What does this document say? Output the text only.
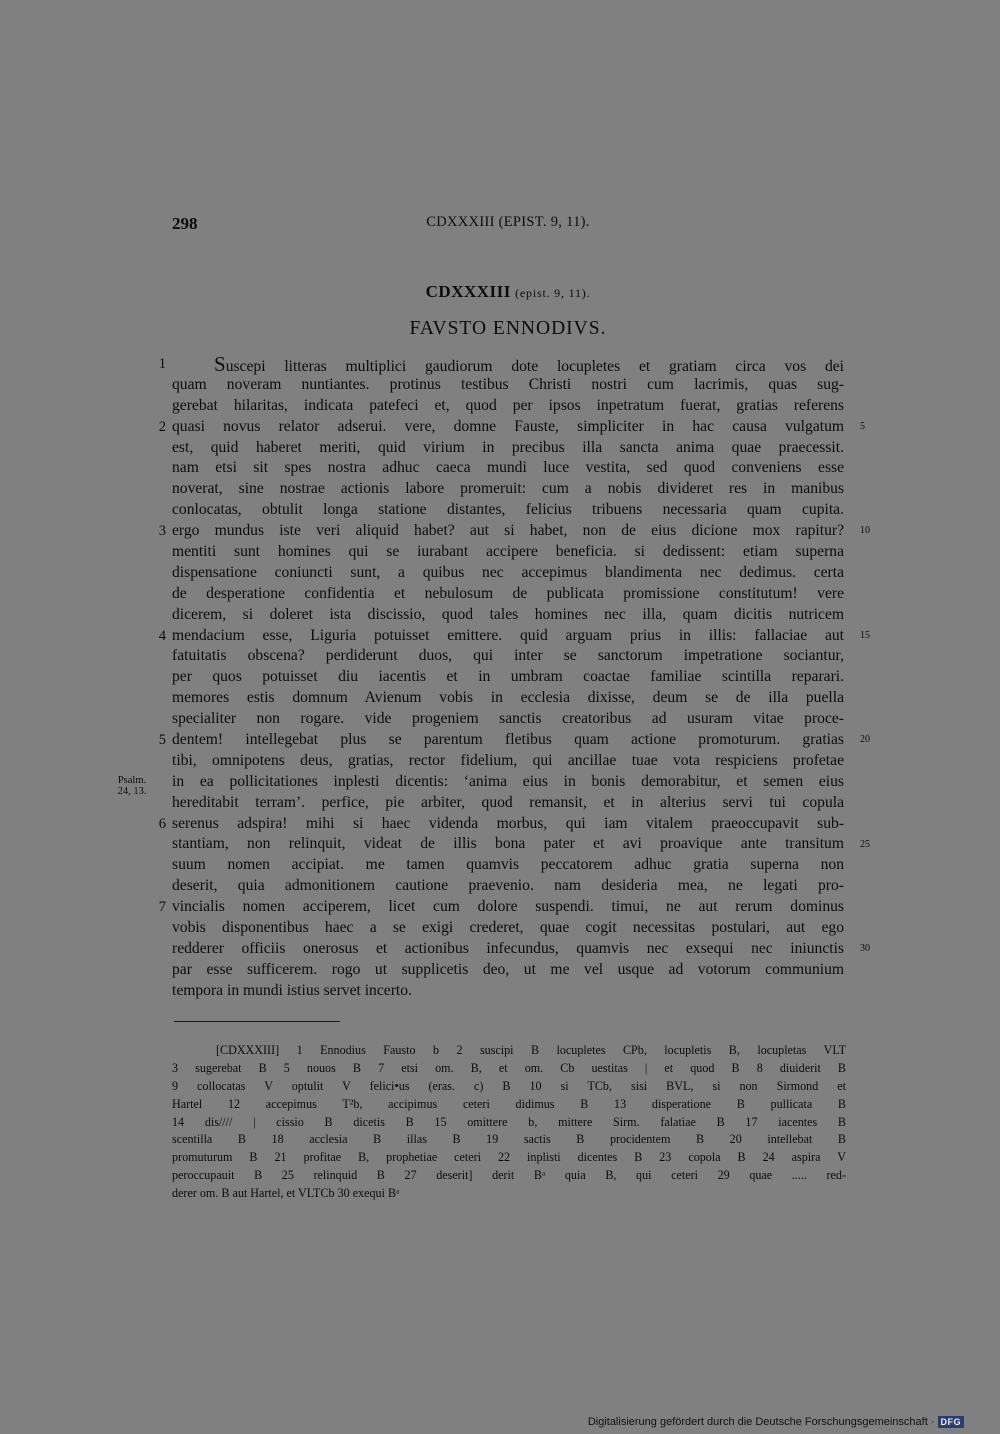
298	CDXXXIII (EPIST. 9, 11).
CDXXXIII (epist. 9, 11).
FAVSTO ENNODIVS.
Suscepi litteras multiplici gaudiorum dote locupletes et gratiam circa vos dei
quam noveram nuntiantes. protinus testibus Christi nostri cum lacrimis, quas sug-
gerebat hilaritas, indicata patefeci et, quod per ipsos inpetratum fuerat, gratias referens
quasi novus relator adserui. vere, domne Fauste, simpliciter in hac causa vulgatum
est, quid haberet meriti, quid virium in precibus illa sancta anima quae praecessit.
nam etsi sit spes nostra adhuc caeca mundi luce vestita, sed quod conveniens esse
noverat, sine nostrae actionis labore promeruit: cum a nobis divideret res in manibus
conlocatas, obtulit longa statione distantes, felicius tribuens necessaria quam cupita.
ergo mundus iste veri aliquid habet? aut si habet, non de eius dicione mox rapitur?
mentiti sunt homines qui se iurabant accipere beneficia. si dedissent: etiam superna
dispensatione coniuncti sunt, a quibus nec accepimus blandimenta nec dedimus. certa
de desperatione confidentia et nebulosum de publicata promissione constitutum! vere
dicerem, si doleret ista discissio, quod tales homines nec illa, quam dicitis nutricem
mendacium esse, Liguria potuisset emittere. quid arguam prius in illis: fallaciae aut
fatuitatis obscena? perdiderunt duos, qui inter se sanctorum impetratione sociantur,
per quos potuisset diu iacentis et in umbram coactae familiae scintilla reparari.
memores estis domnum Avienum vobis in ecclesia dixisse, deum se de illa puella
specialiter non rogare. vide progeniem sanctis creatoribus ad usuram vitae proce-
dentem! intellegebat plus se parentum fletibus quam actione promoturum. gratias
tibi, omnipotens deus, gratias, rector fidelium, qui ancillae tuae vota respiciens profetae
in ea pollicitationes inplesti dicentis: ‘anima eius in bonis demorabitur, et semen eius
hereditabit terram’. perfice, pie arbiter, quod remansit, et in alterius servi tui copula
serenus adspira! mihi si haec videnda morbus, qui iam vitalem praeoccupavit sub-
stantiam, non relinquit, videat de illis bona pater et avi proavique ante transitum
suum nomen accipiat. me tamen quamvis peccatorem adhuc gratia superna non
deserit, quia admonitionem cautione praevenio. nam desideria mea, ne legati pro-
vincialis nomen acciperem, licet cum dolore suspendi. timui, ne aut rerum dominus
vobis disponentibus haec a se exigi crederet, quae cogit necessitas postulari, aut ego
redderer officiis onerosus et actionibus infecundus, quamvis nec exsequi nec iniunctis
par esse sufficerem. rogo ut supplicetis deo, ut me vel usque ad votorum communium
tempora in mundi istius servet incerto.
1
2
3
4
5
6
7
5
10
15
20
25
30
Psalm.
24, 13.
[CDXXXIII] 1 Ennodius Fausto b 2 suscipi B locupletes CPb, locupletis B, locupletas VLT
3 sugerebat B 5 nouos B 7 etsi om. B, et om. Cb uestitas | et quod B 8 diuiderit B
9 collocatas V optulit V felici•us (eras. c) B 10 si TCb, sisi BVL, si non Sirmond et
Hartel 12 accepimus T²b, accipimus ceteri didimus B 13 disperatione B pullicata B
14 dis//// | cissio B dicetis B 15 omittere b, mittere Sirm. falatiae B 17 iacentes B
scentilla B 18 acclesia B illas B 19 sactis B procidentem B 20 intellebat B
promuturum B 21 profitae B, prophetiae ceteri 22 inplisti dicentes B 23 copola B 24 aspira V
peroccupauit B 25 relinquid B 27 deserit] derit Bᵃ quia B, qui ceteri 29 quae ..... red-
derer om. B aut Hartel, et VLTCb 30 exequi Bᵃ
Digitalisierung gefördert durch die Deutsche Forschungsgemeinschaft · DFG
